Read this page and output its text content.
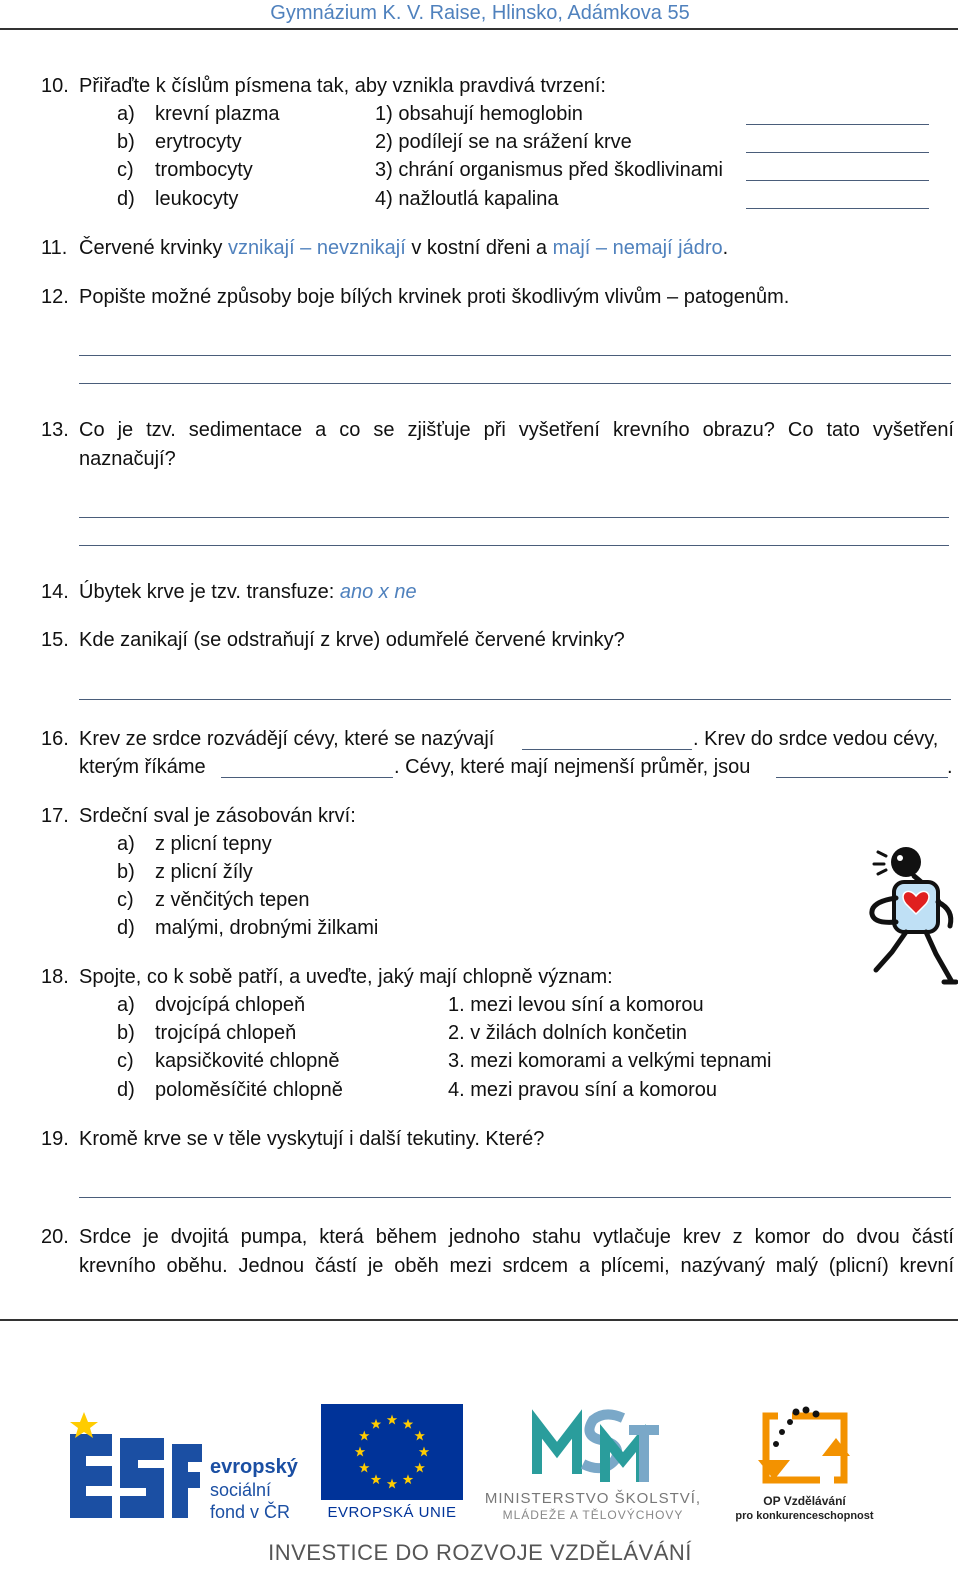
Gymnázium K. V. Raise, Hlinsko, Adámkova 55
10. Přiřaďte k číslům písmena tak, aby vznikla pravdivá tvrzení:
a) krevní plazma	1) obsahují hemoglobin
b) erytrocyty	2) podílejí se na srážení krve
c) trombocyty	3) chrání organismus před škodlivinami
d) leukocyty	4) nažloutlá kapalina
11. Červené krvinky vznikají – nevznikají v kostní dřeni a mají – nemají jádro.
12. Popište možné způsoby boje bílých krvinek proti škodlivým vlivům – patogenům.
13. Co je tzv. sedimentace a co se zjišťuje při vyšetření krevního obrazu? Co tato vyšetření
naznačují?
14. Úbytek krve je tzv. transfuze: ano x ne
15. Kde zanikají (se odstraňují z krve) odumřelé červené krvinky?
16. Krev ze srdce rozvádějí cévy, které se nazývají	. Krev do srdce vedou cévy,
kterým říkáme	. Cévy, které mají nejmenší průměr, jsou	.
17. Srdeční sval je zásobován krví:
a) z plicní tepny
b) z plicní žíly
c) z věnčitých tepen
d) malými, drobnými žilkami
18. Spojte, co k sobě patří, a uveďte, jaký mají chlopně význam:
a) dvojcípá chlopeň	1. mezi levou síní a komorou
b) trojcípá chlopeň	2. v žilách dolních končetin
c) kapsičkovité chlopně	3. mezi komorami a velkými tepnami
d) poloměsíčité chlopně	4. mezi pravou síní a komorou
19. Kromě krve se v těle vyskytují i další tekutiny. Které?
20. Srdce je dvojitá pumpa, která během jednoho stahu vytlačuje krev z komor do dvou částí
krevního oběhu. Jednou částí je oběh mezi srdcem a plícemi, nazývaný malý (plicní) krevní
evropský
sociální
fond v ČR	EVROPSKÁ UNIE
MINISTERSTVO ŠKOLSTVÍ,
MLÁDEŽE A TĚLOVÝCHOVY
OP Vzdělávání
pro konkurenceschopnost
INVESTICE DO ROZVOJE VZDĚLÁVÁNÍ
